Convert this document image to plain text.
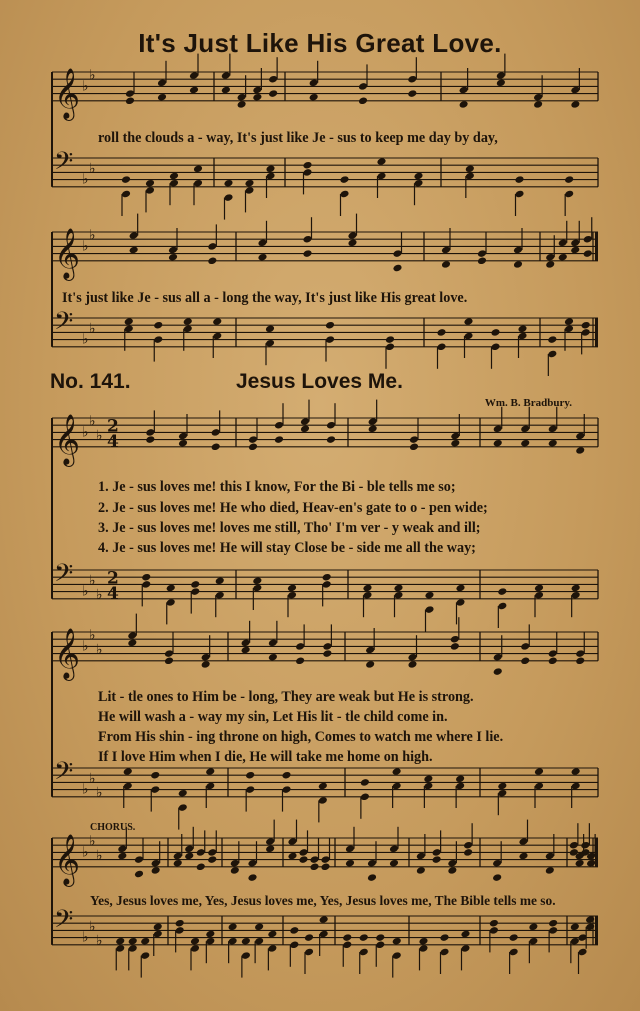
𝄞 ♭
♭
𝄢 ♭
♭
𝄞 ♭
♭
𝄢 ♭
♭
𝄞 ♭
♭
♭ 2
4
𝄢 ♭
♭
♭
2
4
𝄞 ♭
♭
♭
𝄢 ♭
♭
♭
𝄞 ♭
♭
♭
𝄢 ♭
♭
♭
It's Just Like His Great Love.
roll the clouds a - way, It's just like Je - sus to keep me day by day,
It's just like Je - sus all a - long the way, It's just like His great love.
No. 141.	Jesus Loves Me.
Wm. B. Bradbury.
1. Je - sus loves me! this I know, For the Bi - ble tells me so;
2. Je - sus loves me! He who died, Heav-en's gate to o - pen wide;
3. Je - sus loves me! loves me still, Tho' I'm ver - y weak and ill;
4. Je - sus loves me! He will stay Close be - side me all the way;
Lit - tle ones to Him be - long, They are weak but He is strong.
He will wash a - way my sin, Let His lit - tle child come in.
From His shin - ing throne on high, Comes to watch me where I lie.
If I love Him when I die, He will take me home on high.
CHORUS.
Yes, Jesus loves me, Yes, Jesus loves me, Yes, Jesus loves me, The Bible tells me so.
